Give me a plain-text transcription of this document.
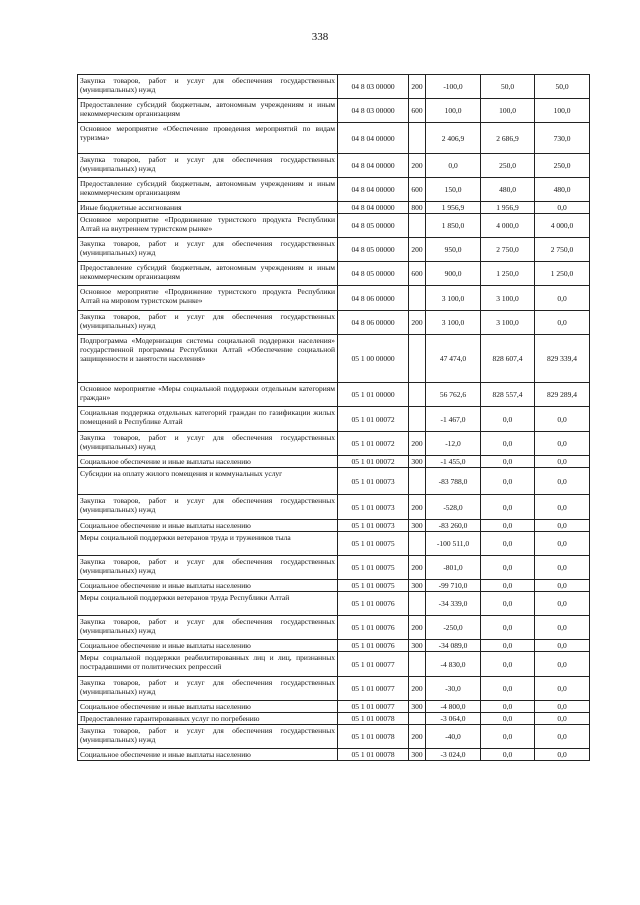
338
Закупка товаров, работ и услуг для обеспечения государственных (муниципальных) нужд	04 8 03 00000	200	-100,0	50,0	50,0
Предоставление субсидий бюджетным, автономным учреждениям и иным некоммерческим организациям	04 8 03 00000	600	100,0	100,0	100,0
Основное мероприятие «Обеспечение проведения мероприятий по видам туризма»	04 8 04 00000		2 406,9	2 686,9	730,0
Закупка товаров, работ и услуг для обеспечения государственных (муниципальных) нужд	04 8 04 00000	200	0,0	250,0	250,0
Предоставление субсидий бюджетным, автономным учреждениям и иным некоммерческим организациям	04 8 04 00000	600	150,0	480,0	480,0
Иные бюджетные ассигнования	04 8 04 00000	800	1 956,9	1 956,9	0,0
Основное мероприятие «Продвижение туристского продукта Республики Алтай на внутреннем туристском рынке»	04 8 05 00000		1 850,0	4 000,0	4 000,0
Закупка товаров, работ и услуг для обеспечения государственных (муниципальных) нужд	04 8 05 00000	200	950,0	2 750,0	2 750,0
Предоставление субсидий бюджетным, автономным учреждениям и иным некоммерческим организациям	04 8 05 00000	600	900,0	1 250,0	1 250,0
Основное мероприятие «Продвижение туристского продукта Республики Алтай на мировом туристском рынке»	04 8 06 00000		3 100,0	3 100,0	0,0
Закупка товаров, работ и услуг для обеспечения государственных (муниципальных) нужд	04 8 06 00000	200	3 100,0	3 100,0	0,0
Подпрограмма «Модернизация системы социальной поддержки населения» государственной программы Республики Алтай «Обеспечение социальной защищенности и занятости населения»	05 1 00 00000		47 474,0	828 607,4	829 339,4
Основное мероприятие «Меры социальной поддержки отдельным категориям граждан»	05 1 01 00000		56 762,6	828 557,4	829 289,4
Социальная поддержка отдельных категорий граждан по газификации жилых помещений в Республике Алтай	05 1 01 00072		-1 467,0	0,0	0,0
Закупка товаров, работ и услуг для обеспечения государственных (муниципальных) нужд	05 1 01 00072	200	-12,0	0,0	0,0
Социальное обеспечение и иные выплаты населению	05 1 01 00072	300	-1 455,0	0,0	0,0
Субсидии на оплату жилого помещения и коммунальных услуг	05 1 01 00073		-83 788,0	0,0	0,0
Закупка товаров, работ и услуг для обеспечения государственных (муниципальных) нужд	05 1 01 00073	200	-528,0	0,0	0,0
Социальное обеспечение и иные выплаты населению	05 1 01 00073	300	-83 260,0	0,0	0,0
Меры социальной поддержки ветеранов труда и тружеников тыла	05 1 01 00075		-100 511,0	0,0	0,0
Закупка товаров, работ и услуг для обеспечения государственных (муниципальных) нужд	05 1 01 00075	200	-801,0	0,0	0,0
Социальное обеспечение и иные выплаты населению	05 1 01 00075	300	-99 710,0	0,0	0,0
Меры социальной поддержки ветеранов труда Республики Алтай	05 1 01 00076		-34 339,0	0,0	0,0
Закупка товаров, работ и услуг для обеспечения государственных (муниципальных) нужд	05 1 01 00076	200	-250,0	0,0	0,0
Социальное обеспечение и иные выплаты населению	05 1 01 00076	300	-34 089,0	0,0	0,0
Меры социальной поддержки реабилитированных лиц и лиц, признанных пострадавшими от политических репрессий	05 1 01 00077		-4 830,0	0,0	0,0
Закупка товаров, работ и услуг для обеспечения государственных (муниципальных) нужд	05 1 01 00077	200	-30,0	0,0	0,0
Социальное обеспечение и иные выплаты населению	05 1 01 00077	300	-4 800,0	0,0	0,0
Предоставление гарантированных услуг по погребению	05 1 01 00078		-3 064,0	0,0	0,0
Закупка товаров, работ и услуг для обеспечения государственных (муниципальных) нужд	05 1 01 00078	200	-40,0	0,0	0,0
Социальное обеспечение и иные выплаты населению	05 1 01 00078	300	-3 024,0	0,0	0,0
